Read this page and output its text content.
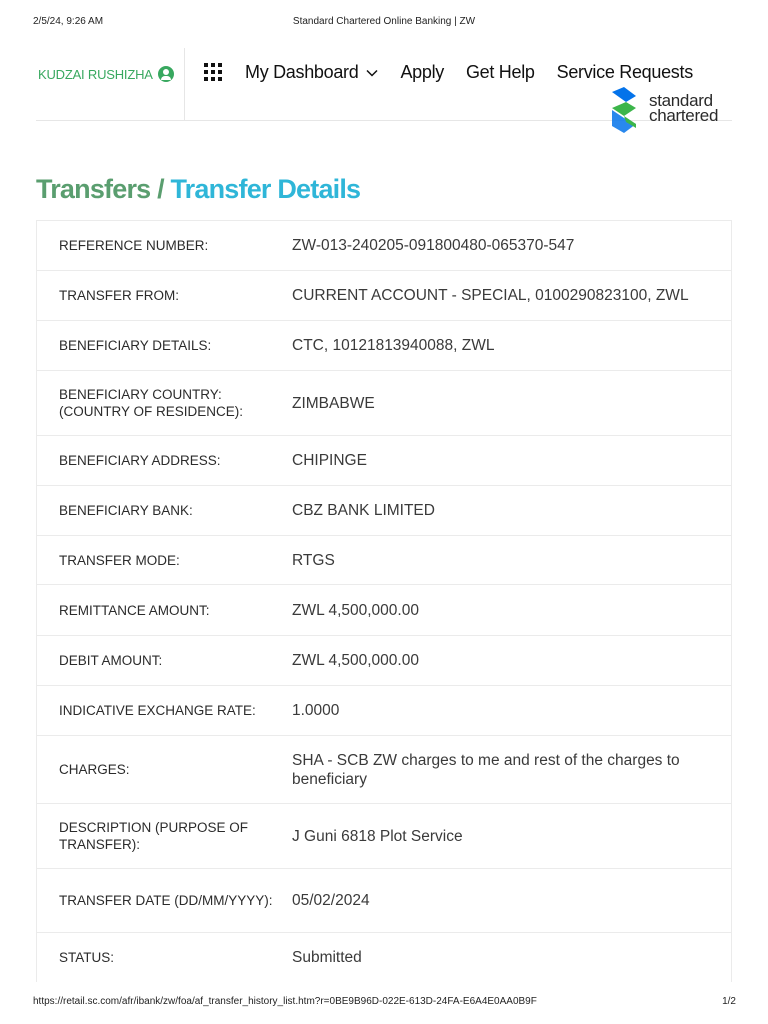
2/5/24, 9:26 AM	Standard Chartered Online Banking | ZW
KUDZAI RUSHIZHA	My Dashboard Apply Get Help Service Requests
standard
chartered
Transfers / Transfer Details
REFERENCE NUMBER:	ZW-013-240205-091800480-065370-547
TRANSFER FROM:	CURRENT ACCOUNT - SPECIAL, 0100290823100, ZWL
BENEFICIARY DETAILS:	CTC, 10121813940088, ZWL
BENEFICIARY COUNTRY: (COUNTRY OF RESIDENCE):	ZIMBABWE
BENEFICIARY ADDRESS:	CHIPINGE
BENEFICIARY BANK:	CBZ BANK LIMITED
TRANSFER MODE:	RTGS
REMITTANCE AMOUNT:	ZWL 4,500,000.00
DEBIT AMOUNT:	ZWL 4,500,000.00
INDICATIVE EXCHANGE RATE:	1.0000
CHARGES:
SHA - SCB ZW charges to me and rest of the charges to beneficiary
DESCRIPTION (PURPOSE OF TRANSFER):	J Guni 6818 Plot Service
TRANSFER DATE (DD/MM/YYYY): 05/02/2024
STATUS:	Submitted
https://retail.sc.com/afr/ibank/zw/foa/af_transfer_history_list.htm?r=0BE9B96D-022E-613D-24FA-E6A4E0AA0B9F	1/2
